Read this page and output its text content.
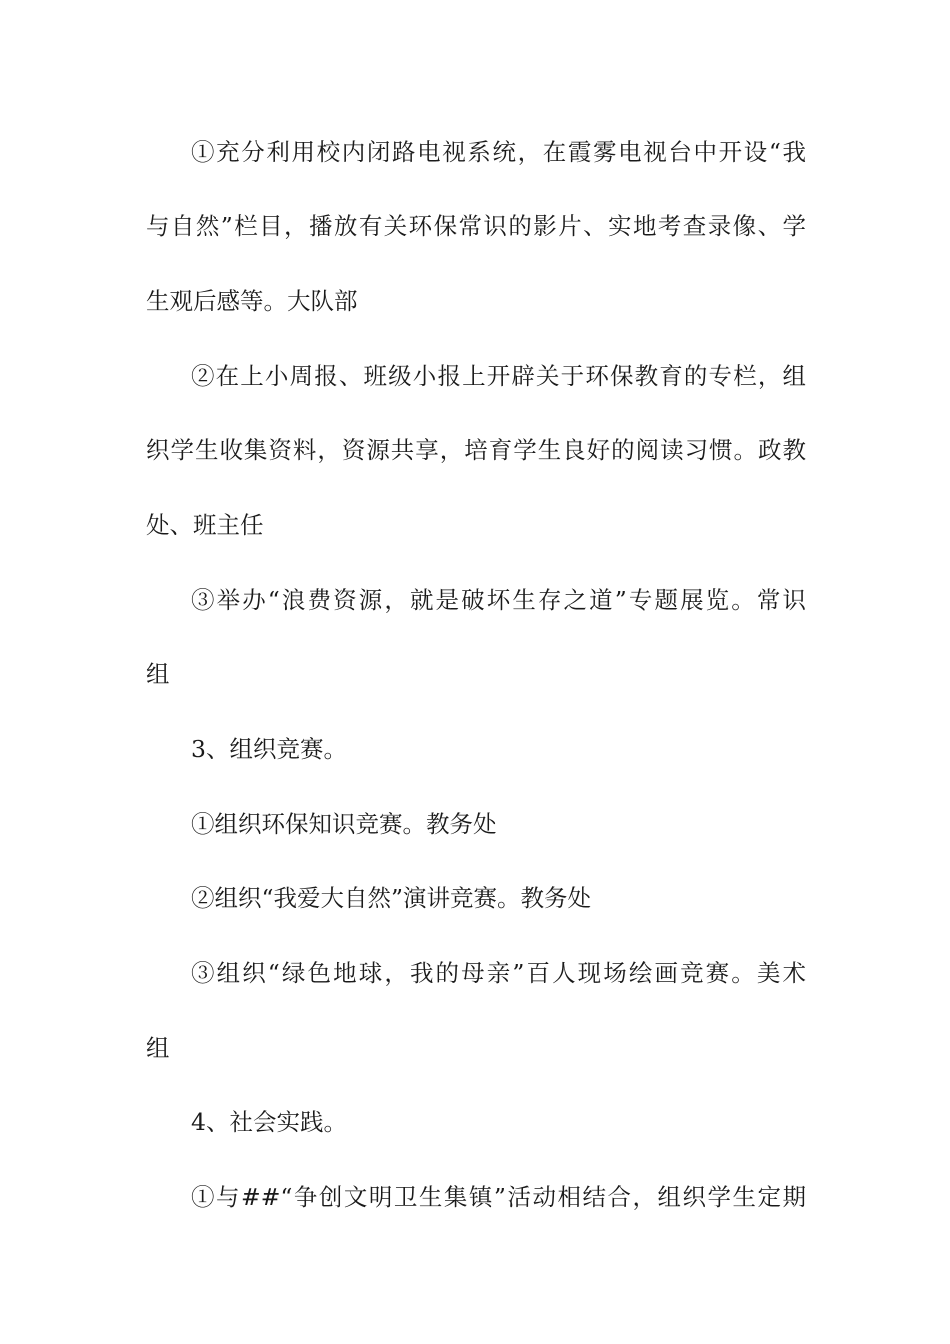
①充分利用校内闭路电视系统，在霞雾电视台中开设“我
与自然”栏目，播放有关环保常识的影片、实地考查录像、学
生观后感等。大队部
②在上小周报、班级小报上开辟关于环保教育的专栏，组
织学生收集资料，资源共享，培育学生良好的阅读习惯。政教
处、班主任
③举办“浪费资源，就是破坏生存之道”专题展览。常识
组
3、组织竞赛。
①组织环保知识竞赛。教务处
②组织“我爱大自然”演讲竞赛。教务处
③组织“绿色地球，我的母亲”百人现场绘画竞赛。美术
组
4、社会实践。
①与##“争创文明卫生集镇”活动相结合，组织学生定期
